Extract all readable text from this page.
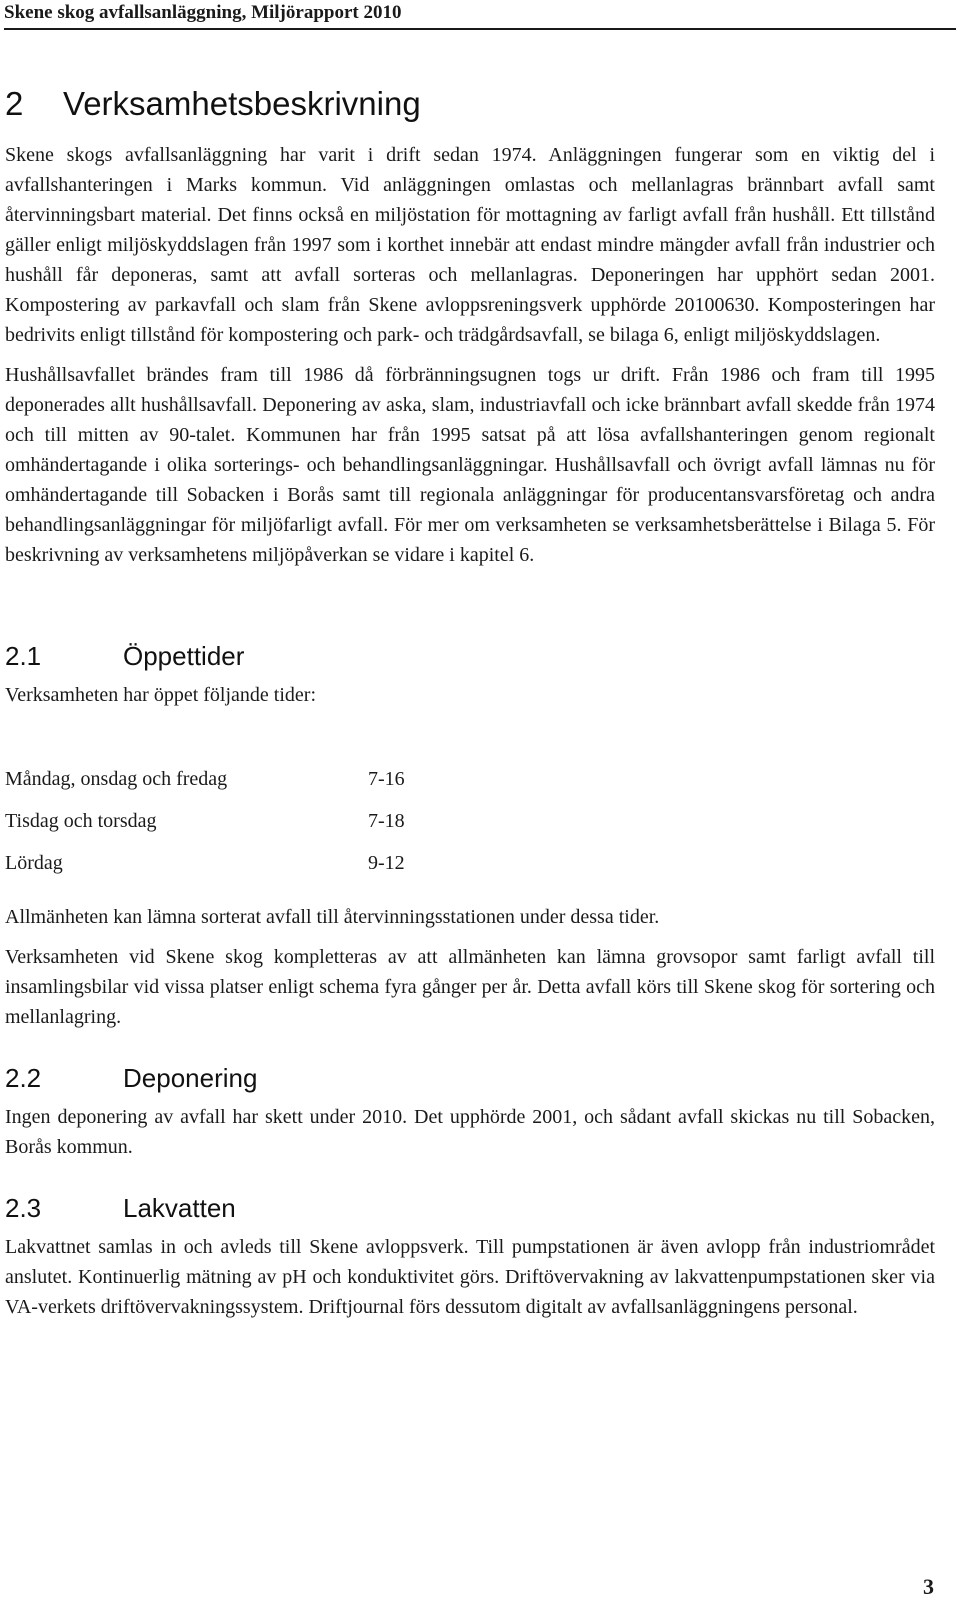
Skene skog avfallsanläggning, Miljörapport 2010
2 Verksamhetsbeskrivning

Skene skogs avfallsanläggning har varit i drift sedan 1974. Anläggningen fungerar som en viktig del i avfallshanteringen i Marks kommun. Vid anläggningen omlastas och mellanlagras brännbart avfall samt återvinningsbart material. Det finns också en miljöstation för mottagning av farligt avfall från hushåll. Ett tillstånd gäller enligt miljöskyddslagen från 1997 som i korthet innebär att endast mindre mängder avfall från industrier och hushåll får deponeras, samt att avfall sorteras och mellanlagras. Deponeringen har upphört sedan 2001. Kompostering av parkavfall och slam från Skene avloppsreningsverk upphörde 20100630. Komposteringen har bedrivits enligt tillstånd för kompostering och park- och trädgårdsavfall, se bilaga 6, enligt miljöskyddslagen.

Hushållsavfallet brändes fram till 1986 då förbränningsugnen togs ur drift. Från 1986 och fram till 1995 deponerades allt hushållsavfall. Deponering av aska, slam, industriavfall och icke brännbart avfall skedde från 1974 och till mitten av 90-talet. Kommunen har från 1995 satsat på att lösa avfallshanteringen genom regionalt omhändertagande i olika sorterings- och behandlingsanläggningar. Hushållsavfall och övrigt avfall lämnas nu för omhändertagande till Sobacken i Borås samt till regionala anläggningar för producentansvarsföretag och andra behandlingsanläggningar för miljöfarligt avfall. För mer om verksamheten se verksamhetsberättelse i Bilaga 5. För beskrivning av verksamhetens miljöpåverkan se vidare i kapitel 6.

2.1	Öppettider

Verksamheten har öppet följande tider:

Måndag, onsdag och fredag	7-16
Tisdag och torsdag	7-18
Lördag	9-12

Allmänheten kan lämna sorterat avfall till återvinningsstationen under dessa tider.

Verksamheten vid Skene skog kompletteras av att allmänheten kan lämna grovsopor samt farligt avfall till insamlingsbilar vid vissa platser enligt schema fyra gånger per år. Detta avfall körs till Skene skog för sortering och mellanlagring.

2.2	Deponering

Ingen deponering av avfall har skett under 2010. Det upphörde 2001, och sådant avfall skickas nu till Sobacken, Borås kommun.

2.3	Lakvatten

Lakvattnet samlas in och avleds till Skene avloppsverk. Till pumpstationen är även avlopp från industriområdet anslutet. Kontinuerlig mätning av pH och konduktivitet görs. Driftövervakning av lakvattenpumpstationen sker via VA-verkets driftövervakningssystem. Driftjournal förs dessutom digitalt av avfallsanläggningens personal.

3
